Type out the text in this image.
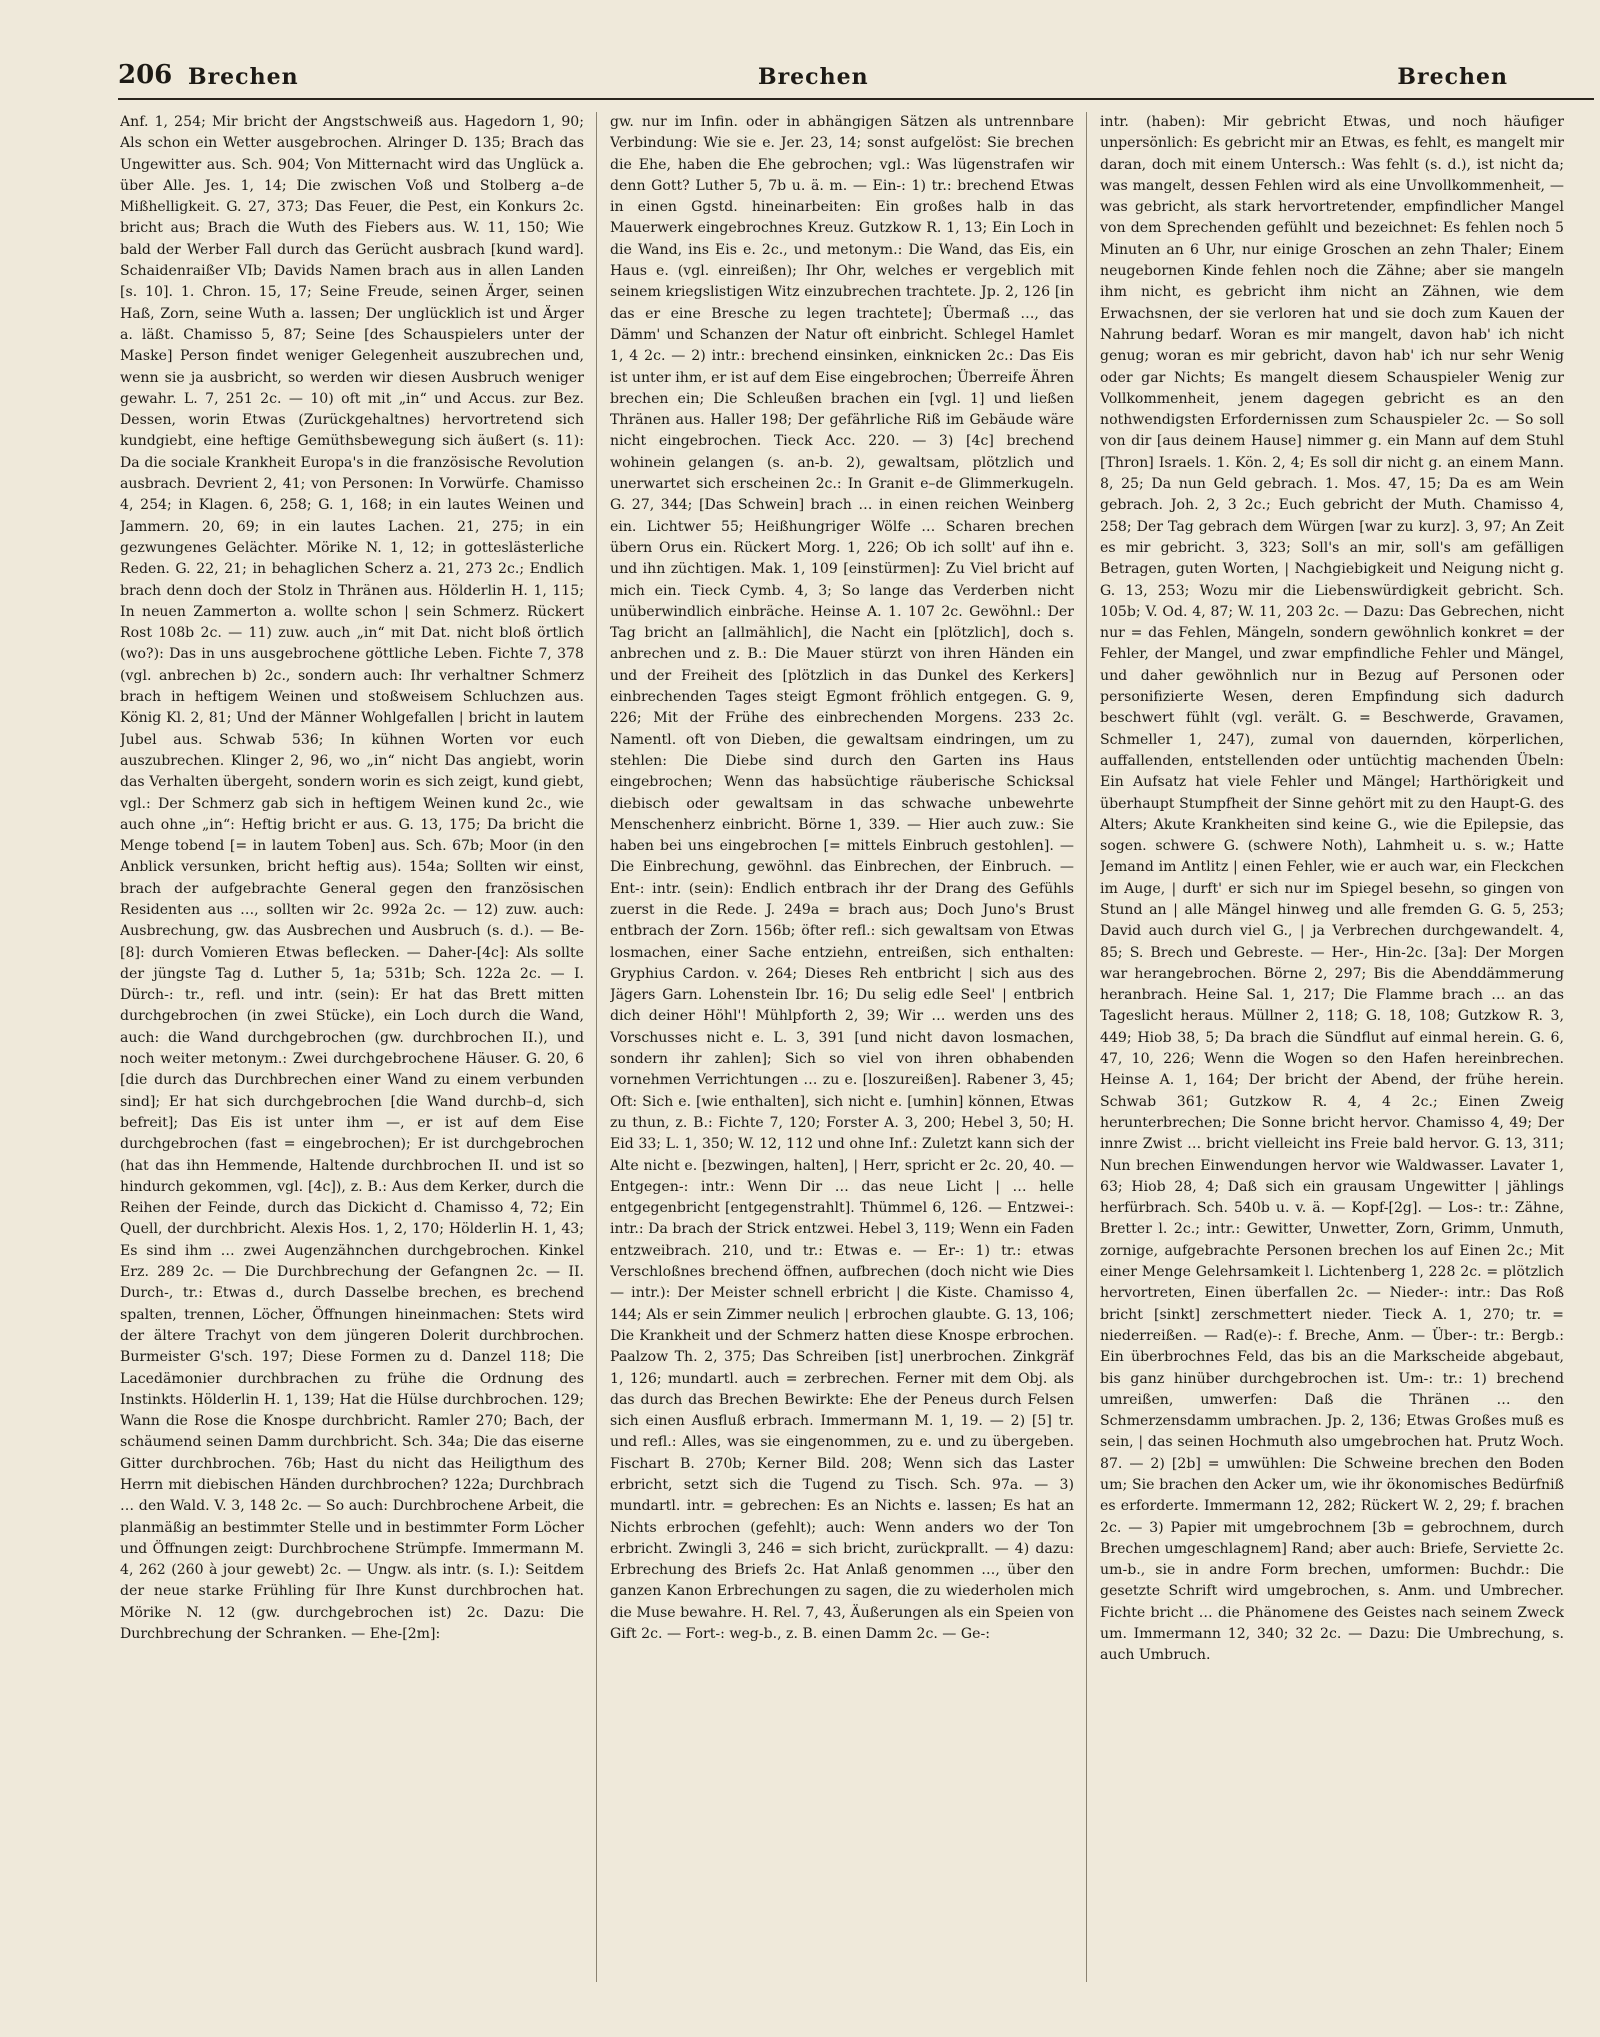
206 Brechen	Brechen	Brechen

Anf. 1, 254; Mir bricht der Angstschweiß aus. Hagedorn 1, 90; Als schon ein Wetter ausgebrochen. Alringer D. 135; Brach das Ungewitter aus. Sch. 904; Von Mitternacht wird das Unglück a. über Alle. Jes. 1, 14; Die zwischen Voß und Stolberg a–de Mißhelligkeit. G. 27, 373; Das Feuer, die Pest, ein Konkurs 2c. bricht aus; Brach die Wuth des Fiebers aus. W. 11, 150; Wie bald der Werber Fall durch das Gerücht ausbrach [kund ward]. Schaidenraißer VIb; Davids Namen brach aus in allen Landen [s. 10]. 1. Chron. 15, 17; Seine Freude, seinen Ärger, seinen Haß, Zorn, seine Wuth a. lassen; Der unglücklich ist und Ärger a. läßt. Chamisso 5, 87; Seine [des Schauspielers unter der Maske] Person findet weniger Gelegenheit auszubrechen und, wenn sie ja ausbricht, so werden wir diesen Ausbruch weniger gewahr. L. 7, 251 2c. — 10) oft mit „in“ und Accus. zur Bez. Dessen, worin Etwas (Zurückgehaltnes) hervortretend sich kundgiebt, eine heftige Gemüthsbewegung sich äußert (s. 11): Da die sociale Krankheit Europa's in die französische Revolution ausbrach. Devrient 2, 41; von Personen: In Vorwürfe. Chamisso 4, 254; in Klagen. 6, 258; G. 1, 168; in ein lautes Weinen und Jammern. 20, 69; in ein lautes Lachen. 21, 275; in ein gezwungenes Gelächter. Mörike N. 1, 12; in gotteslästerliche Reden. G. 22, 21; in behaglichen Scherz a. 21, 273 2c.; Endlich brach denn doch der Stolz in Thränen aus. Hölderlin H. 1, 115; In neuen Zammerton a. wollte schon | sein Schmerz. Rückert Rost 108b 2c. — 11) zuw. auch „in“ mit Dat. nicht bloß örtlich (wo?): Das in uns ausgebrochene göttliche Leben. Fichte 7, 378 (vgl. anbrechen b) 2c., sondern auch: Ihr verhaltner Schmerz brach in heftigem Weinen und stoßweisem Schluchzen aus. König Kl. 2, 81; Und der Männer Wohlgefallen | bricht in lautem Jubel aus. Schwab 536; In kühnen Worten vor euch auszubrechen. Klinger 2, 96, wo „in“ nicht Das angiebt, worin das Verhalten übergeht, sondern worin es sich zeigt, kund giebt, vgl.: Der Schmerz gab sich in heftigem Weinen kund 2c., wie auch ohne „in“: Heftig bricht er aus. G. 13, 175; Da bricht die Menge tobend [= in lautem Toben] aus. Sch. 67b; Moor (in den Anblick versunken, bricht heftig aus). 154a; Sollten wir einst, brach der aufgebrachte General gegen den französischen Residenten aus …, sollten wir 2c. 992a 2c. — 12) zuw. auch: Ausbrechung, gw. das Ausbrechen und Ausbruch (s. d.). — Be-[8]: durch Vomieren Etwas beflecken. — Daher-[4c]: Als sollte der jüngste Tag d. Luther 5, 1a; 531b; Sch. 122a 2c. — I. Dürch-: tr., refl. und intr. (sein): Er hat das Brett mitten durchgebrochen (in zwei Stücke), ein Loch durch die Wand, auch: die Wand durchgebrochen (gw. durchbrochen II.), und noch weiter metonym.: Zwei durchgebrochene Häuser. G. 20, 6 [die durch das Durchbrechen einer Wand zu einem verbunden sind]; Er hat sich durchgebrochen [die Wand durchb–d, sich befreit]; Das Eis ist unter ihm —, er ist auf dem Eise durchgebrochen (fast = eingebrochen); Er ist durchgebrochen (hat das ihn Hemmende, Haltende durchbrochen II. und ist so hindurch gekommen, vgl. [4c]), z. B.: Aus dem Kerker, durch die Reihen der Feinde, durch das Dickicht d. Chamisso 4, 72; Ein Quell, der durchbricht. Alexis Hos. 1, 2, 170; Hölderlin H. 1, 43; Es sind ihm … zwei Augenzähnchen durchgebrochen. Kinkel Erz. 289 2c. — Die Durchbrechung der Gefangnen 2c. — II. Durch-, tr.: Etwas d., durch Dasselbe brechen, es brechend spalten, trennen, Löcher, Öffnungen hineinmachen: Stets wird der ältere Trachyt von dem jüngeren Dolerit durchbrochen. Burmeister G'sch. 197; Diese Formen zu d. Danzel 118; Die Lacedämonier durchbrachen zu frühe die Ordnung des Instinkts. Hölderlin H. 1, 139; Hat die Hülse durchbrochen. 129; Wann die Rose die Knospe durchbricht. Ramler 270; Bach, der schäumend seinen Damm durchbricht. Sch. 34a; Die das eiserne Gitter durchbrochen. 76b; Hast du nicht das Heiligthum des Herrn mit diebischen Händen durchbrochen? 122a; Durchbrach … den Wald. V. 3, 148 2c. — So auch: Durchbrochene Arbeit, die planmäßig an bestimmter Stelle und in bestimmter Form Löcher und Öffnungen zeigt: Durchbrochene Strümpfe. Immermann M. 4, 262 (260 à jour gewebt) 2c. — Ungw. als intr. (s. I.): Seitdem der neue starke Frühling für Ihre Kunst durchbrochen hat. Mörike N. 12 (gw. durchgebrochen ist) 2c. Dazu: Die Durchbrechung der Schranken. — Ehe-[2m]:

gw. nur im Infin. oder in abhängigen Sätzen als untrennbare Verbindung: Wie sie e. Jer. 23, 14; sonst aufgelöst: Sie brechen die Ehe, haben die Ehe gebrochen; vgl.: Was lügenstrafen wir denn Gott? Luther 5, 7b u. ä. m. — Ein-: 1) tr.: brechend Etwas in einen Ggstd. hineinarbeiten: Ein großes halb in das Mauerwerk eingebrochnes Kreuz. Gutzkow R. 1, 13; Ein Loch in die Wand, ins Eis e. 2c., und metonym.: Die Wand, das Eis, ein Haus e. (vgl. einreißen); Ihr Ohr, welches er vergeblich mit seinem kriegslistigen Witz einzubrechen trachtete. Jp. 2, 126 [in das er eine Bresche zu legen trachtete]; Übermaß …, das Dämm' und Schanzen der Natur oft einbricht. Schlegel Hamlet 1, 4 2c. — 2) intr.: brechend einsinken, einknicken 2c.: Das Eis ist unter ihm, er ist auf dem Eise eingebrochen; Überreife Ähren brechen ein; Die Schleußen brachen ein [vgl. 1] und ließen Thränen aus. Haller 198; Der gefährliche Riß im Gebäude wäre nicht eingebrochen. Tieck Acc. 220. — 3) [4c] brechend wohinein gelangen (s. an-b. 2), gewaltsam, plötzlich und unerwartet sich erscheinen 2c.: In Granit e–de Glimmerkugeln. G. 27, 344; [Das Schwein] brach … in einen reichen Weinberg ein. Lichtwer 55; Heißhungriger Wölfe … Scharen brechen übern Orus ein. Rückert Morg. 1, 226; Ob ich sollt' auf ihn e. und ihn züchtigen. Mak. 1, 109 [einstürmen]: Zu Viel bricht auf mich ein. Tieck Cymb. 4, 3; So lange das Verderben nicht unüberwindlich einbräche. Heinse A. 1. 107 2c. Gewöhnl.: Der Tag bricht an [allmählich], die Nacht ein [plötzlich], doch s. anbrechen und z. B.: Die Mauer stürzt von ihren Händen ein und der Freiheit des [plötzlich in das Dunkel des Kerkers] einbrechenden Tages steigt Egmont fröhlich entgegen. G. 9, 226; Mit der Frühe des einbrechenden Morgens. 233 2c. Namentl. oft von Dieben, die gewaltsam eindringen, um zu stehlen: Die Diebe sind durch den Garten ins Haus eingebrochen; Wenn das habsüchtige räuberische Schicksal diebisch oder gewaltsam in das schwache unbewehrte Menschenherz einbricht. Börne 1, 339. — Hier auch zuw.: Sie haben bei uns eingebrochen [= mittels Einbruch gestohlen]. — Die Einbrechung, gewöhnl. das Einbrechen, der Einbruch. — Ent-: intr. (sein): Endlich entbrach ihr der Drang des Gefühls zuerst in die Rede. J. 249a = brach aus; Doch Juno's Brust entbrach der Zorn. 156b; öfter refl.: sich gewaltsam von Etwas losmachen, einer Sache entziehn, entreißen, sich enthalten: Gryphius Cardon. v. 264; Dieses Reh entbricht | sich aus des Jägers Garn. Lohenstein Ibr. 16; Du selig edle Seel' | entbrich dich deiner Höhl'! Mühlpforth 2, 39; Wir … werden uns des Vorschusses nicht e. L. 3, 391 [und nicht davon losmachen, sondern ihr zahlen]; Sich so viel von ihren obhabenden vornehmen Verrichtungen … zu e. [loszureißen]. Rabener 3, 45; Oft: Sich e. [wie enthalten], sich nicht e. [umhin] können, Etwas zu thun, z. B.: Fichte 7, 120; Forster A. 3, 200; Hebel 3, 50; H. Eid 33; L. 1, 350; W. 12, 112 und ohne Inf.: Zuletzt kann sich der Alte nicht e. [bezwingen, halten], | Herr, spricht er 2c. 20, 40. — Entgegen-: intr.: Wenn Dir … das neue Licht | … helle entgegenbricht [entgegenstrahlt]. Thümmel 6, 126. — Entzwei-: intr.: Da brach der Strick entzwei. Hebel 3, 119; Wenn ein Faden entzweibrach. 210, und tr.: Etwas e. — Er-: 1) tr.: etwas Verschloßnes brechend öffnen, aufbrechen (doch nicht wie Dies — intr.): Der Meister schnell erbricht | die Kiste. Chamisso 4, 144; Als er sein Zimmer neulich | erbrochen glaubte. G. 13, 106; Die Krankheit und der Schmerz hatten diese Knospe erbrochen. Paalzow Th. 2, 375; Das Schreiben [ist] unerbrochen. Zinkgräf 1, 126; mundartl. auch = zerbrechen. Ferner mit dem Obj. als das durch das Brechen Bewirkte: Ehe der Peneus durch Felsen sich einen Ausfluß erbrach. Immermann M. 1, 19. — 2) [5] tr. und refl.: Alles, was sie eingenommen, zu e. und zu übergeben. Fischart B. 270b; Kerner Bild. 208; Wenn sich das Laster erbricht, setzt sich die Tugend zu Tisch. Sch. 97a. — 3) mundartl. intr. = gebrechen: Es an Nichts e. lassen; Es hat an Nichts erbrochen (gefehlt); auch: Wenn anders wo der Ton erbricht. Zwingli 3, 246 = sich bricht, zurückprallt. — 4) dazu: Erbrechung des Briefs 2c. Hat Anlaß genommen …, über den ganzen Kanon Erbrechungen zu sagen, die zu wiederholen mich die Muse bewahre. H. Rel. 7, 43, Äußerungen als ein Speien von Gift 2c. — Fort-: weg-b., z. B. einen Damm 2c. — Ge-:

intr. (haben): Mir gebricht Etwas, und noch häufiger unpersönlich: Es gebricht mir an Etwas, es fehlt, es mangelt mir daran, doch mit einem Untersch.: Was fehlt (s. d.), ist nicht da; was mangelt, dessen Fehlen wird als eine Unvollkommenheit, — was gebricht, als stark hervortretender, empfindlicher Mangel von dem Sprechenden gefühlt und bezeichnet: Es fehlen noch 5 Minuten an 6 Uhr, nur einige Groschen an zehn Thaler; Einem neugebornen Kinde fehlen noch die Zähne; aber sie mangeln ihm nicht, es gebricht ihm nicht an Zähnen, wie dem Erwachsnen, der sie verloren hat und sie doch zum Kauen der Nahrung bedarf. Woran es mir mangelt, davon hab' ich nicht genug; woran es mir gebricht, davon hab' ich nur sehr Wenig oder gar Nichts; Es mangelt diesem Schauspieler Wenig zur Vollkommenheit, jenem dagegen gebricht es an den nothwendigsten Erfordernissen zum Schauspieler 2c. — So soll von dir [aus deinem Hause] nimmer g. ein Mann auf dem Stuhl [Thron] Israels. 1. Kön. 2, 4; Es soll dir nicht g. an einem Mann. 8, 25; Da nun Geld gebrach. 1. Mos. 47, 15; Da es am Wein gebrach. Joh. 2, 3 2c.; Euch gebricht der Muth. Chamisso 4, 258; Der Tag gebrach dem Würgen [war zu kurz]. 3, 97; An Zeit es mir gebricht. 3, 323; Soll's an mir, soll's am gefälligen Betragen, guten Worten, | Nachgiebigkeit und Neigung nicht g. G. 13, 253; Wozu mir die Liebenswürdigkeit gebricht. Sch. 105b; V. Od. 4, 87; W. 11, 203 2c. — Dazu: Das Gebrechen, nicht nur = das Fehlen, Mängeln, sondern gewöhnlich konkret = der Fehler, der Mangel, und zwar empfindliche Fehler und Mängel, und daher gewöhnlich nur in Bezug auf Personen oder personifizierte Wesen, deren Empfindung sich dadurch beschwert fühlt (vgl. verält. G. = Beschwerde, Gravamen, Schmeller 1, 247), zumal von dauernden, körperlichen, auffallenden, entstellenden oder untüchtig machenden Übeln: Ein Aufsatz hat viele Fehler und Mängel; Harthörigkeit und überhaupt Stumpfheit der Sinne gehört mit zu den Haupt-G. des Alters; Akute Krankheiten sind keine G., wie die Epilepsie, das sogen. schwere G. (schwere Noth), Lahmheit u. s. w.; Hatte Jemand im Antlitz | einen Fehler, wie er auch war, ein Fleckchen im Auge, | durft' er sich nur im Spiegel besehn, so gingen von Stund an | alle Mängel hinweg und alle fremden G. G. 5, 253; David auch durch viel G., | ja Verbrechen durchgewandelt. 4, 85; S. Brech und Gebreste. — Her-, Hin-2c. [3a]: Der Morgen war herangebrochen. Börne 2, 297; Bis die Abenddämmerung heranbrach. Heine Sal. 1, 217; Die Flamme brach … an das Tageslicht heraus. Müllner 2, 118; G. 18, 108; Gutzkow R. 3, 449; Hiob 38, 5; Da brach die Sündflut auf einmal herein. G. 6, 47, 10, 226; Wenn die Wogen so den Hafen hereinbrechen. Heinse A. 1, 164; Der bricht der Abend, der frühe herein. Schwab 361; Gutzkow R. 4, 4 2c.; Einen Zweig herunterbrechen; Die Sonne bricht hervor. Chamisso 4, 49; Der innre Zwist … bricht vielleicht ins Freie bald hervor. G. 13, 311; Nun brechen Einwendungen hervor wie Waldwasser. Lavater 1, 63; Hiob 28, 4; Daß sich ein grausam Ungewitter | jählings herfürbrach. Sch. 540b u. v. ä. — Kopf-[2g]. — Los-: tr.: Zähne, Bretter l. 2c.; intr.: Gewitter, Unwetter, Zorn, Grimm, Unmuth, zornige, aufgebrachte Personen brechen los auf Einen 2c.; Mit einer Menge Gelehrsamkeit l. Lichtenberg 1, 228 2c. = plötzlich hervortreten, Einen überfallen 2c. — Nieder-: intr.: Das Roß bricht [sinkt] zerschmettert nieder. Tieck A. 1, 270; tr. = niederreißen. — Rad(e)-: f. Breche, Anm. — Über-: tr.: Bergb.: Ein überbrochnes Feld, das bis an die Markscheide abgebaut, bis ganz hinüber durchgebrochen ist. Um-: tr.: 1) brechend umreißen, umwerfen: Daß die Thränen … den Schmerzensdamm umbrachen. Jp. 2, 136; Etwas Großes muß es sein, | das seinen Hochmuth also umgebrochen hat. Prutz Woch. 87. — 2) [2b] = umwühlen: Die Schweine brechen den Boden um; Sie brachen den Acker um, wie ihr ökonomisches Bedürfniß es erforderte. Immermann 12, 282; Rückert W. 2, 29; f. brachen 2c. — 3) Papier mit umgebrochnem [3b = gebrochnem, durch Brechen umgeschlagnem] Rand; aber auch: Briefe, Serviette 2c. um-b., sie in andre Form brechen, umformen: Buchdr.: Die gesetzte Schrift wird umgebrochen, s. Anm. und Umbrecher. Fichte bricht … die Phänomene des Geistes nach seinem Zweck um. Immermann 12, 340; 32 2c. — Dazu: Die Umbrechung, s. auch Umbruch.
